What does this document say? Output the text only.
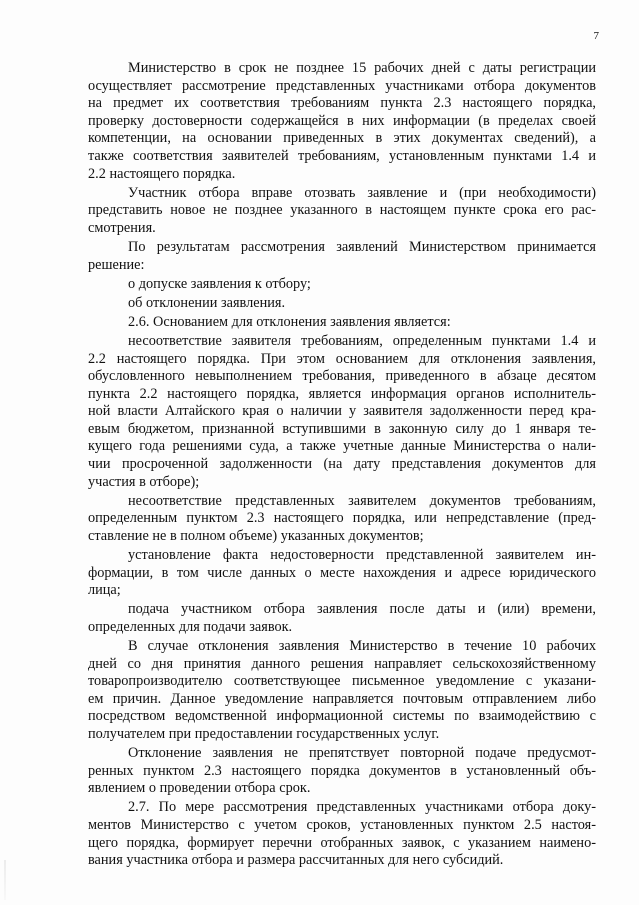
7

Министерство в срок не позднее 15 рабочих дней с даты регистрации
осуществляет рассмотрение представленных участниками отбора документов
на предмет их соответствия требованиям пункта 2.3 настоящего порядка,
проверку достоверности содержащейся в них информации (в пределах своей
компетенции, на основании приведенных в этих документах сведений), а
также соответствия заявителей требованиям, установленным пунктами 1.4 и
2.2 настоящего порядка.

Участник отбора вправе отозвать заявление и (при необходимости)
представить новое не позднее указанного в настоящем пункте срока его рас-
смотрения.

По результатам рассмотрения заявлений Министерством принимается
решение:

о допуске заявления к отбору;

об отклонении заявления.

2.6. Основанием для отклонения заявления является:

несоответствие заявителя требованиям, определенным пунктами 1.4 и
2.2 настоящего порядка. При этом основанием для отклонения заявления,
обусловленного невыполнением требования, приведенного в абзаце десятом
пункта 2.2 настоящего порядка, является информация органов исполнитель-
ной власти Алтайского края о наличии у заявителя задолженности перед кра-
евым бюджетом, признанной вступившими в законную силу до 1 января те-
кущего года решениями суда, а также учетные данные Министерства о нали-
чии просроченной задолженности (на дату представления документов для
участия в отборе);

несоответствие представленных заявителем документов требованиям,
определенным пунктом 2.3 настоящего порядка, или непредставление (пред-
ставление не в полном объеме) указанных документов;

установление факта недостоверности представленной заявителем ин-
формации, в том числе данных о месте нахождения и адресе юридического
лица;

подача участником отбора заявления после даты и (или) времени,
определенных для подачи заявок.

В случае отклонения заявления Министерство в течение 10 рабочих
дней со дня принятия данного решения направляет сельскохозяйственному
товаропроизводителю соответствующее письменное уведомление с указани-
ем причин. Данное уведомление направляется почтовым отправлением либо
посредством ведомственной информационной системы по взаимодействию с
получателем при предоставлении государственных услуг.

Отклонение заявления не препятствует повторной подаче предусмот-
ренных пунктом 2.3 настоящего порядка документов в установленный объ-
явлением о проведении отбора срок.

2.7. По мере рассмотрения представленных участниками отбора доку-
ментов Министерство с учетом сроков, установленных пунктом 2.5 настоя-
щего порядка, формирует перечни отобранных заявок, с указанием наимено-
вания участника отбора и размера рассчитанных для него субсидий.
